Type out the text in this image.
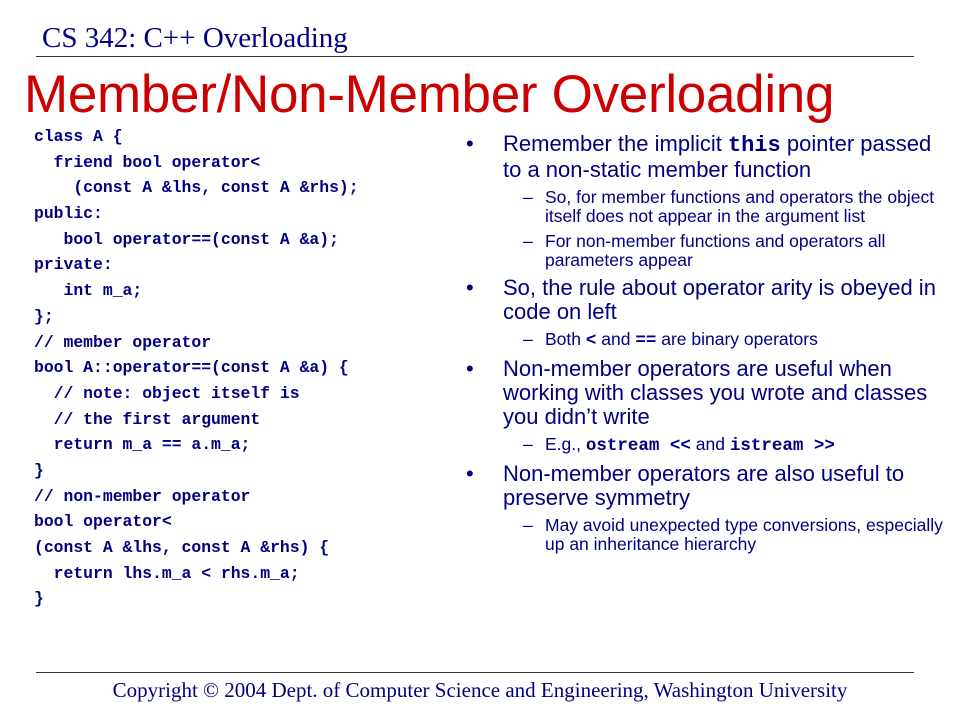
CS 342: C++ Overloading
Member/Non-Member Overloading
class A {
friend bool operator<
(const A &lhs, const A &rhs);
public:
bool operator==(const A &a);
private:
int m_a;
};
// member operator
bool A::operator==(const A &a) {
// note: object itself is
// the first argument
return m_a == a.m_a;
}
// non-member operator
bool operator<
(const A &lhs, const A &rhs) {
return lhs.m_a < rhs.m_a;
}
• Remember the implicit this pointer passed to a non-static member function
– So, for member functions and operators the object itself does not appear in the argument list
– For non-member functions and operators all parameters appear
• So, the rule about operator arity is obeyed in code on left
– Both < and == are binary operators
• Non-member operators are useful when working with classes you wrote and classes you didn’t write
– E.g., ostream << and istream >>
• Non-member operators are also useful to preserve symmetry
– May avoid unexpected type conversions, especially up an inheritance hierarchy
Copyright © 2004 Dept. of Computer Science and Engineering, Washington University
